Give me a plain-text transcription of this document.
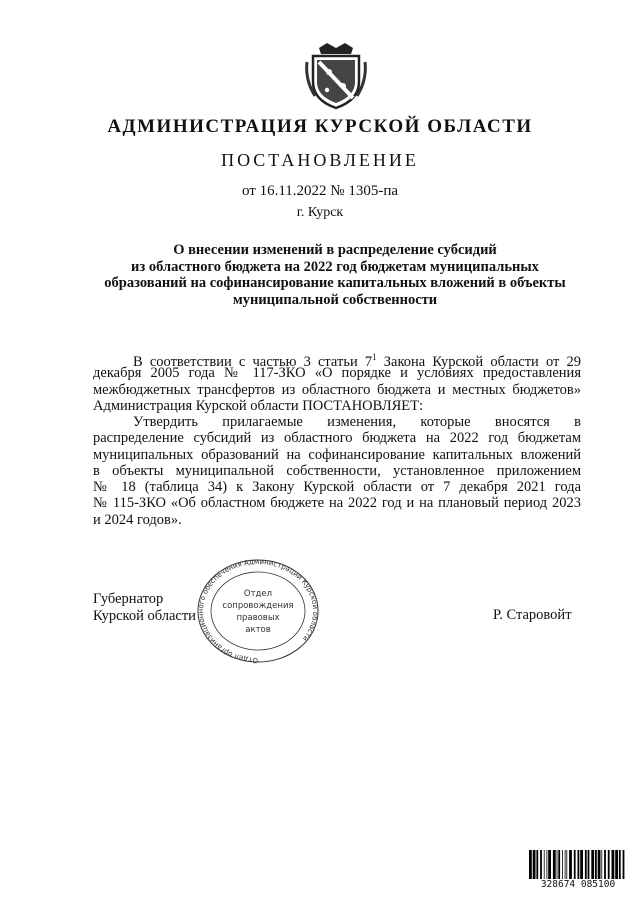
АДМИНИСТРАЦИЯ КУРСКОЙ ОБЛАСТИ
ПОСТАНОВЛЕНИЕ
от 16.11.2022 № 1305-па
г. Курск
О внесении изменений в распределение субсидий
из областного бюджета на 2022 год бюджетам муниципальных
образований на софинансирование капитальных вложений в объекты
муниципальной собственности
В соответствии с частью 3 статьи $7^1$ Закона Курской области от 29
декабря 2005 года № 117-ЗКО «О порядке и условиях предоставления
межбюджетных трансфертов из областного бюджета и местных бюджетов»
Администрация Курской области ПОСТАНОВЛЯЕТ:
Утвердить прилагаемые изменения, которые вносятся в
распределение субсидий из областного бюджета на 2022 год бюджетам
муниципальных образований на софинансирование капитальных вложений
в объекты муниципальной собственности, установленное приложением
№ 18 (таблица 34) к Закону Курской области от 7 декабря 2021 года
№ 115-ЗКО «Об областном бюджете на 2022 год и на плановый период 2023
и 2024 годов».
Губернатор
Курской области	Р. Старовойт
Отдел организационного обеспечения Администрации Курской области
Отдел
сопровождения
правовых
актов
328674 085100
